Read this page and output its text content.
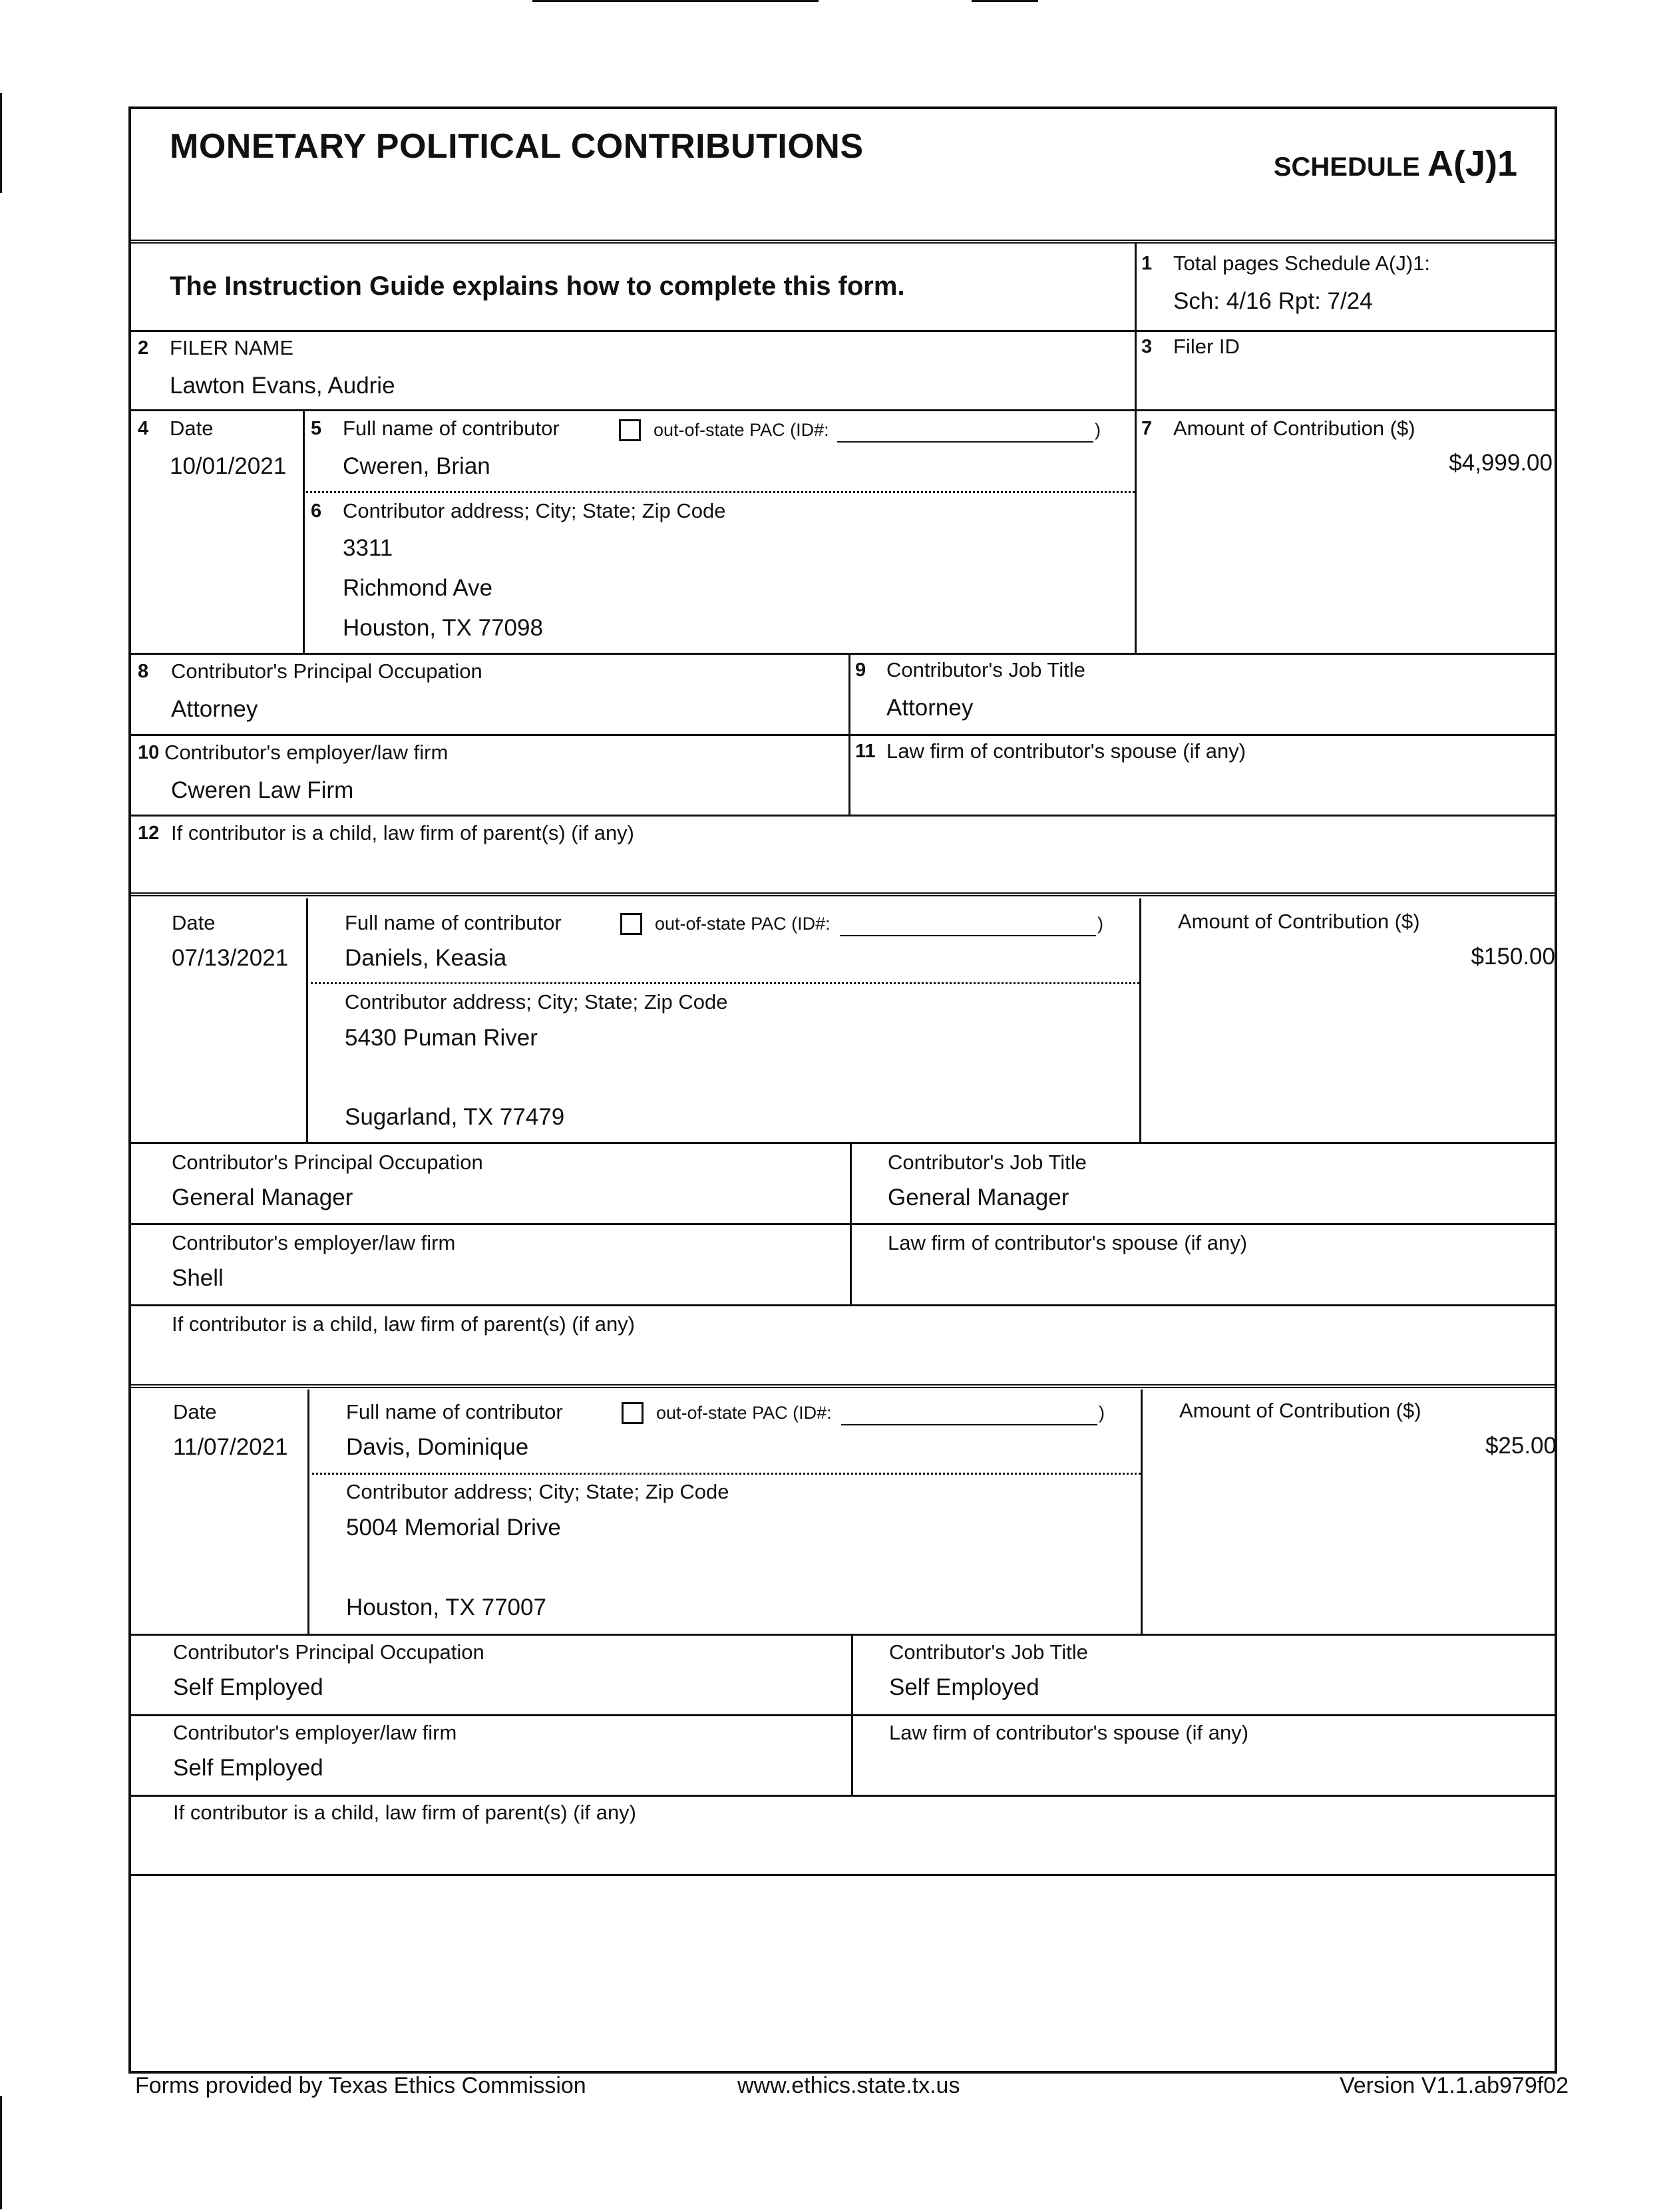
MONETARY POLITICAL CONTRIBUTIONS
SCHEDULE A(J)1
The Instruction Guide explains how to complete this form.
1 Total pages Schedule A(J)1:
Sch: 4/16 Rpt: 7/24
2 FILER NAME
Lawton Evans, Audrie
3 Filer ID
4 Date
10/01/2021
5 Full name of contributor	out-of-state PAC (ID#:	)
Cweren, Brian
6 Contributor address; City; State; Zip Code
3311
Richmond Ave
Houston, TX 77098
7 Amount of Contribution ($)
$4,999.00
8 Contributor's Principal Occupation
Attorney
9 Contributor's Job Title
Attorney
10 Contributor's employer/law firm
Cweren Law Firm
11 Law firm of contributor's spouse (if any)
12 If contributor is a child, law firm of parent(s) (if any)
Date
07/13/2021
Full name of contributor	out-of-state PAC (ID#:	)
Daniels, Keasia
Contributor address; City; State; Zip Code
5430 Puman River
Sugarland, TX 77479
Amount of Contribution ($)
$150.00
Contributor's Principal Occupation
General Manager
Contributor's Job Title
General Manager
Contributor's employer/law firm
Shell
Law firm of contributor's spouse (if any)
If contributor is a child, law firm of parent(s) (if any)
Date
11/07/2021
Full name of contributor	out-of-state PAC (ID#:	)
Davis, Dominique
Contributor address; City; State; Zip Code
5004 Memorial Drive
Houston, TX 77007
Amount of Contribution ($)
$25.00
Contributor's Principal Occupation
Self Employed
Contributor's Job Title
Self Employed
Contributor's employer/law firm
Self Employed
Law firm of contributor's spouse (if any)
If contributor is a child, law firm of parent(s) (if any)
Forms provided by Texas Ethics Commission	www.ethics.state.tx.us	Version V1.1.ab979f02
